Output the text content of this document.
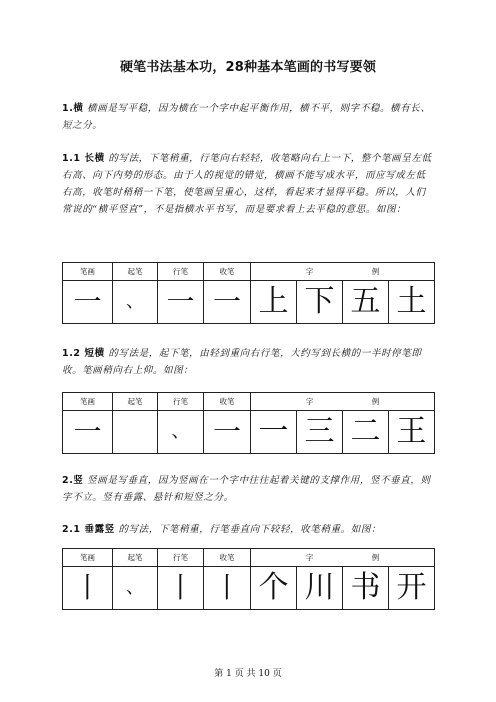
硬笔书法基本功，28种基本笔画的书写要领
1.横 横画是写平稳，因为横在一个字中起平衡作用，横不平，则字不稳。横有长、短之分。
1.1 长横 的写法，下笔稍重，行笔向右轻轻，收笔略向右上一下，整个笔画呈左低右高、向下内势的形态。由于人的视觉的错觉，横画不能写成水平，而应写成左低右高，收笔时稍稍一下笔，使笔画呈重心，这样，看起来才显得平稳。所以，人们常说的“横平竖直”，不是指横水平书写，而是要求看上去平稳的意思。如图：
笔画	起笔	行笔	收笔	字 例			
一	、	一	一	上	下	五	土
1.2 短横 的写法是，起下笔，由轻到重向右行笔，大约写到长横的一半时停笔即收。笔画稍向右上仰。如图：
笔画	起笔	行笔	收笔	字 例			
一		、	一	一	三	二	王
2.竖 竖画是写垂直，因为竖画在一个字中往往起着关键的支撑作用，竖不垂直，则字不立。竖有垂露、悬针和短竖之分。
2.1 垂露竖 的写法，下笔稍重，行笔垂直向下较轻，收笔稍重。如图：
笔画	起笔	行笔	收笔	字 例			
丨	、	丨	丨	个	川	书	开
第 1 页 共 10 页
